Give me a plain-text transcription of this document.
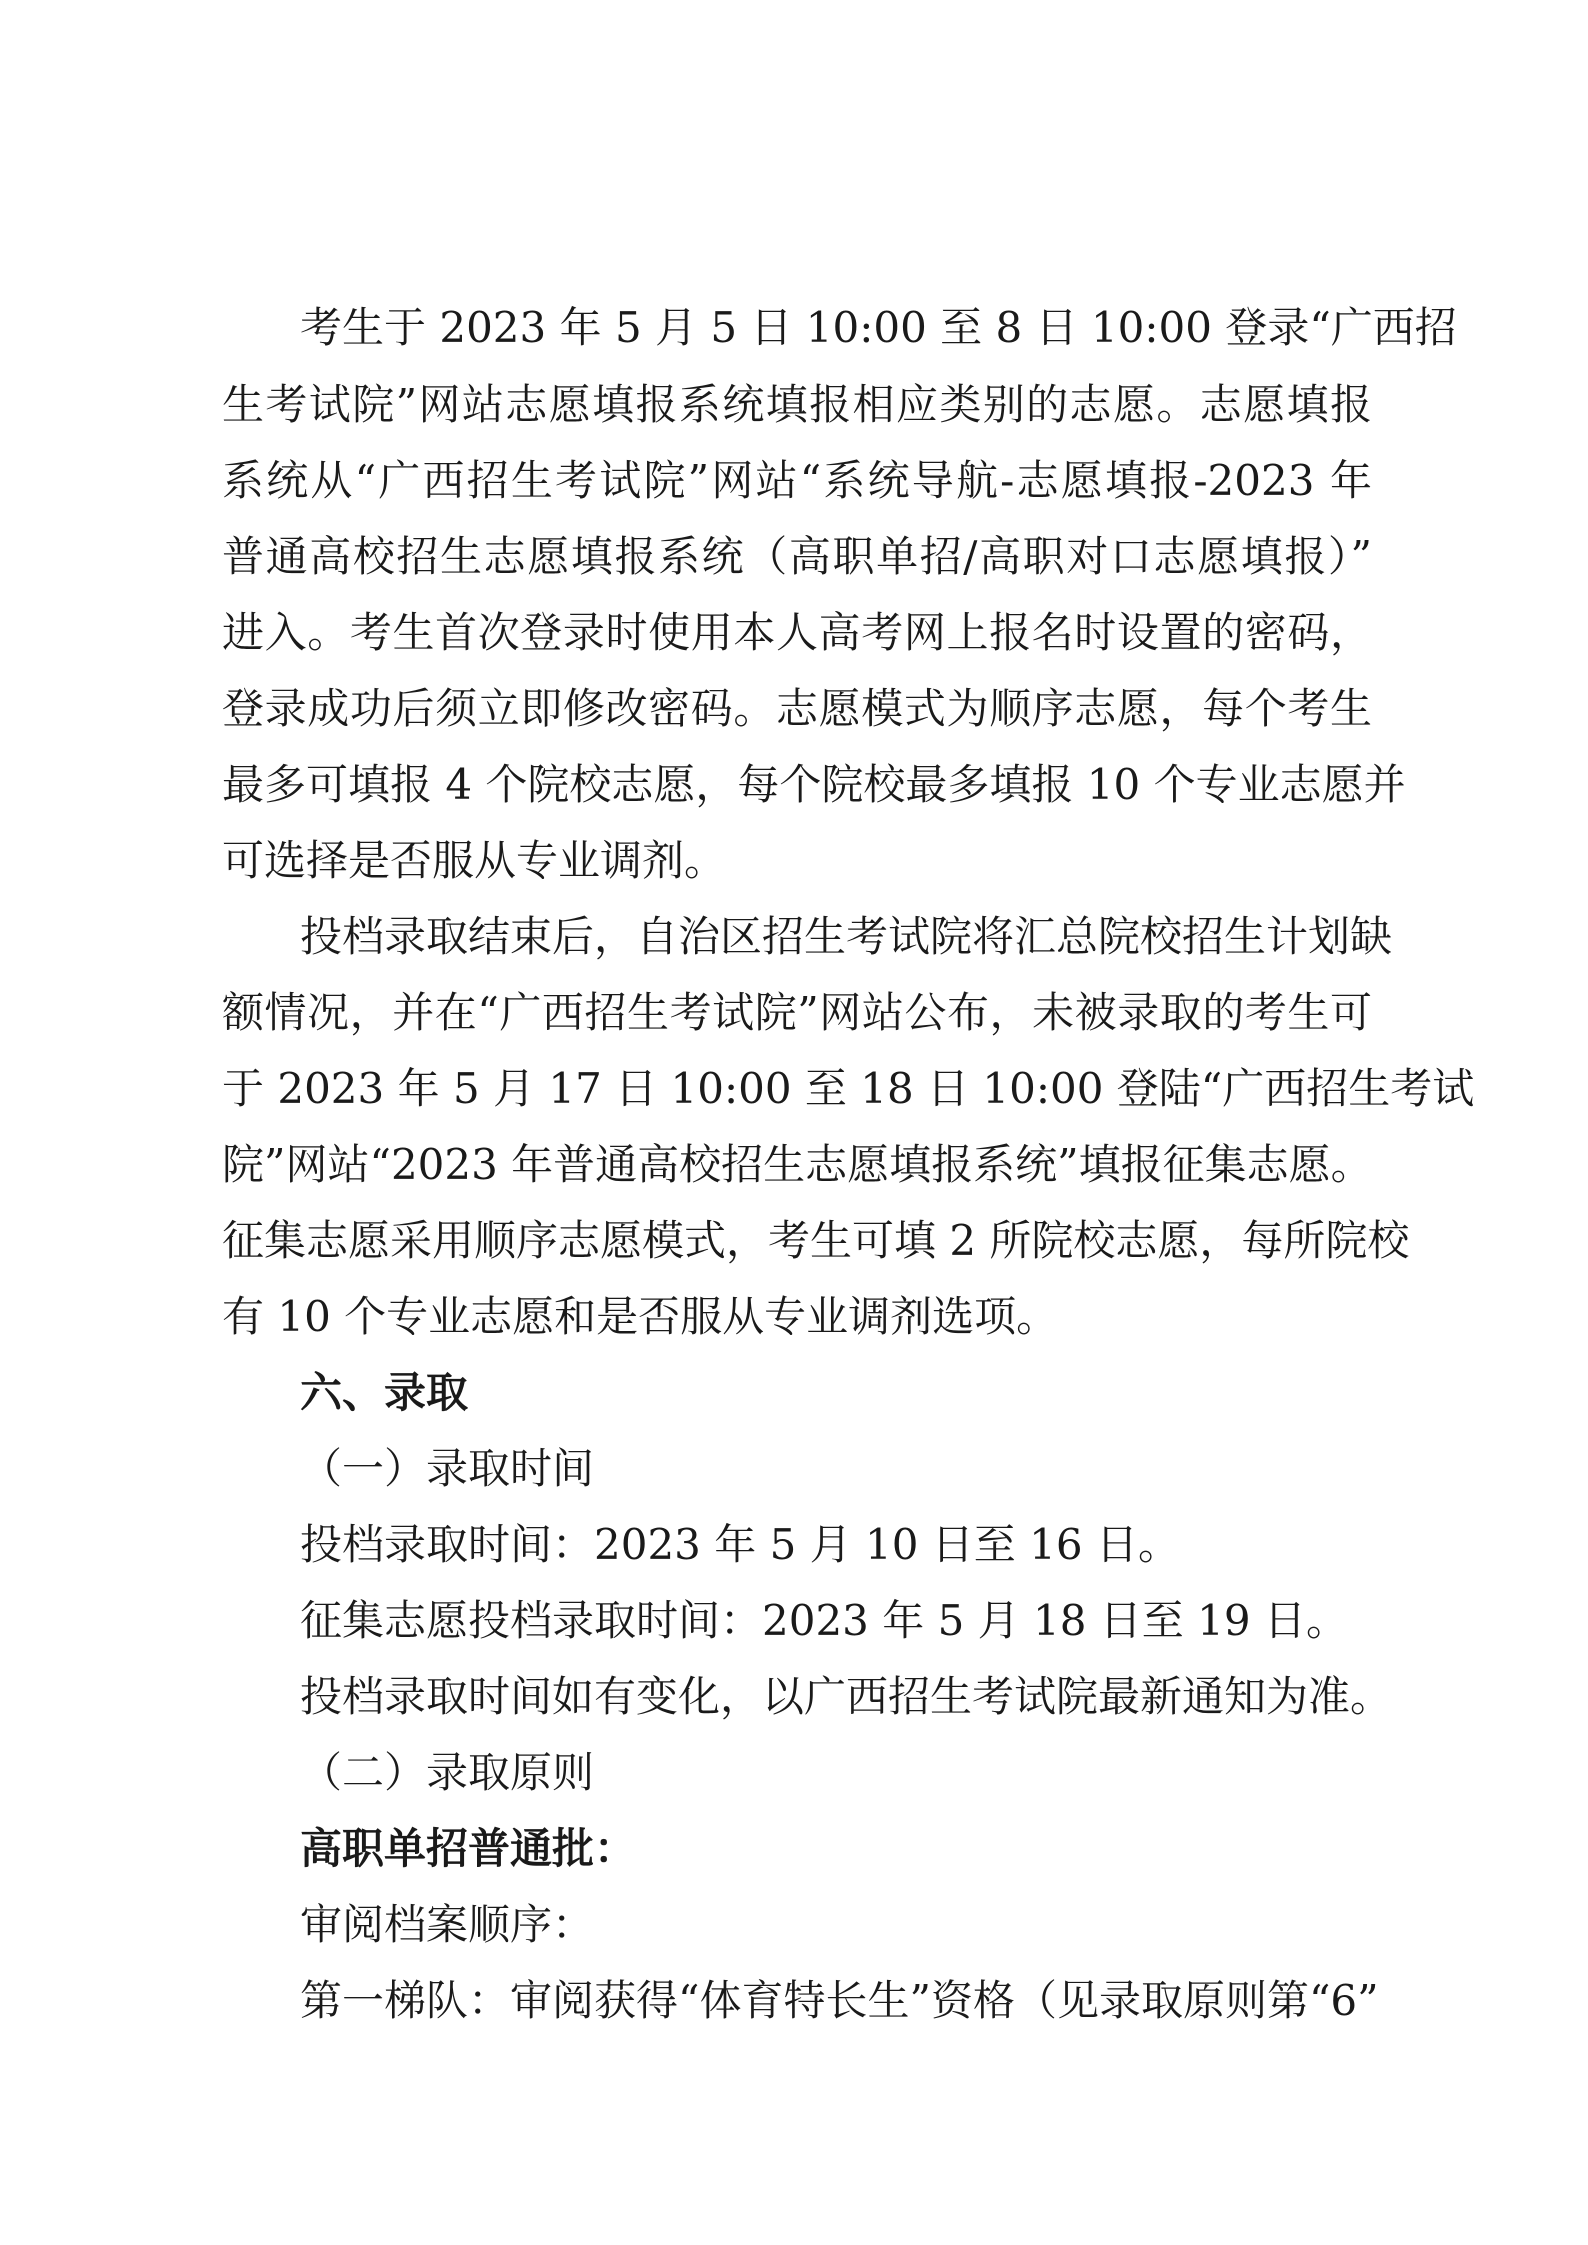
考生于 2023 年 5 月 5 日 10:00 至 8 日 10:00 登录“广西招
生考试院”网站志愿填报系统填报相应类别的志愿。志愿填报
系统从“广西招生考试院”网站“系统导航-志愿填报-2023 年
普通高校招生志愿填报系统（高职单招/高职对口志愿填报）”
进入。考生首次登录时使用本人高考网上报名时设置的密码，
登录成功后须立即修改密码。志愿模式为顺序志愿，每个考生
最多可填报 4 个院校志愿，每个院校最多填报 10 个专业志愿并
可选择是否服从专业调剂。
投档录取结束后，自治区招生考试院将汇总院校招生计划缺
额情况，并在“广西招生考试院”网站公布，未被录取的考生可
于 2023 年 5 月 17 日 10:00 至 18 日 10:00 登陆“广西招生考试
院”网站“2023 年普通高校招生志愿填报系统”填报征集志愿。
征集志愿采用顺序志愿模式，考生可填 2 所院校志愿，每所院校
有 10 个专业志愿和是否服从专业调剂选项。
六、录取
（一）录取时间
投档录取时间：2023 年 5 月 10 日至 16 日。
征集志愿投档录取时间：2023 年 5 月 18 日至 19 日。
投档录取时间如有变化，以广西招生考试院最新通知为准。
（二）录取原则
高职单招普通批：
审阅档案顺序：
第一梯队：审阅获得“体育特长生”资格（见录取原则第“6”
